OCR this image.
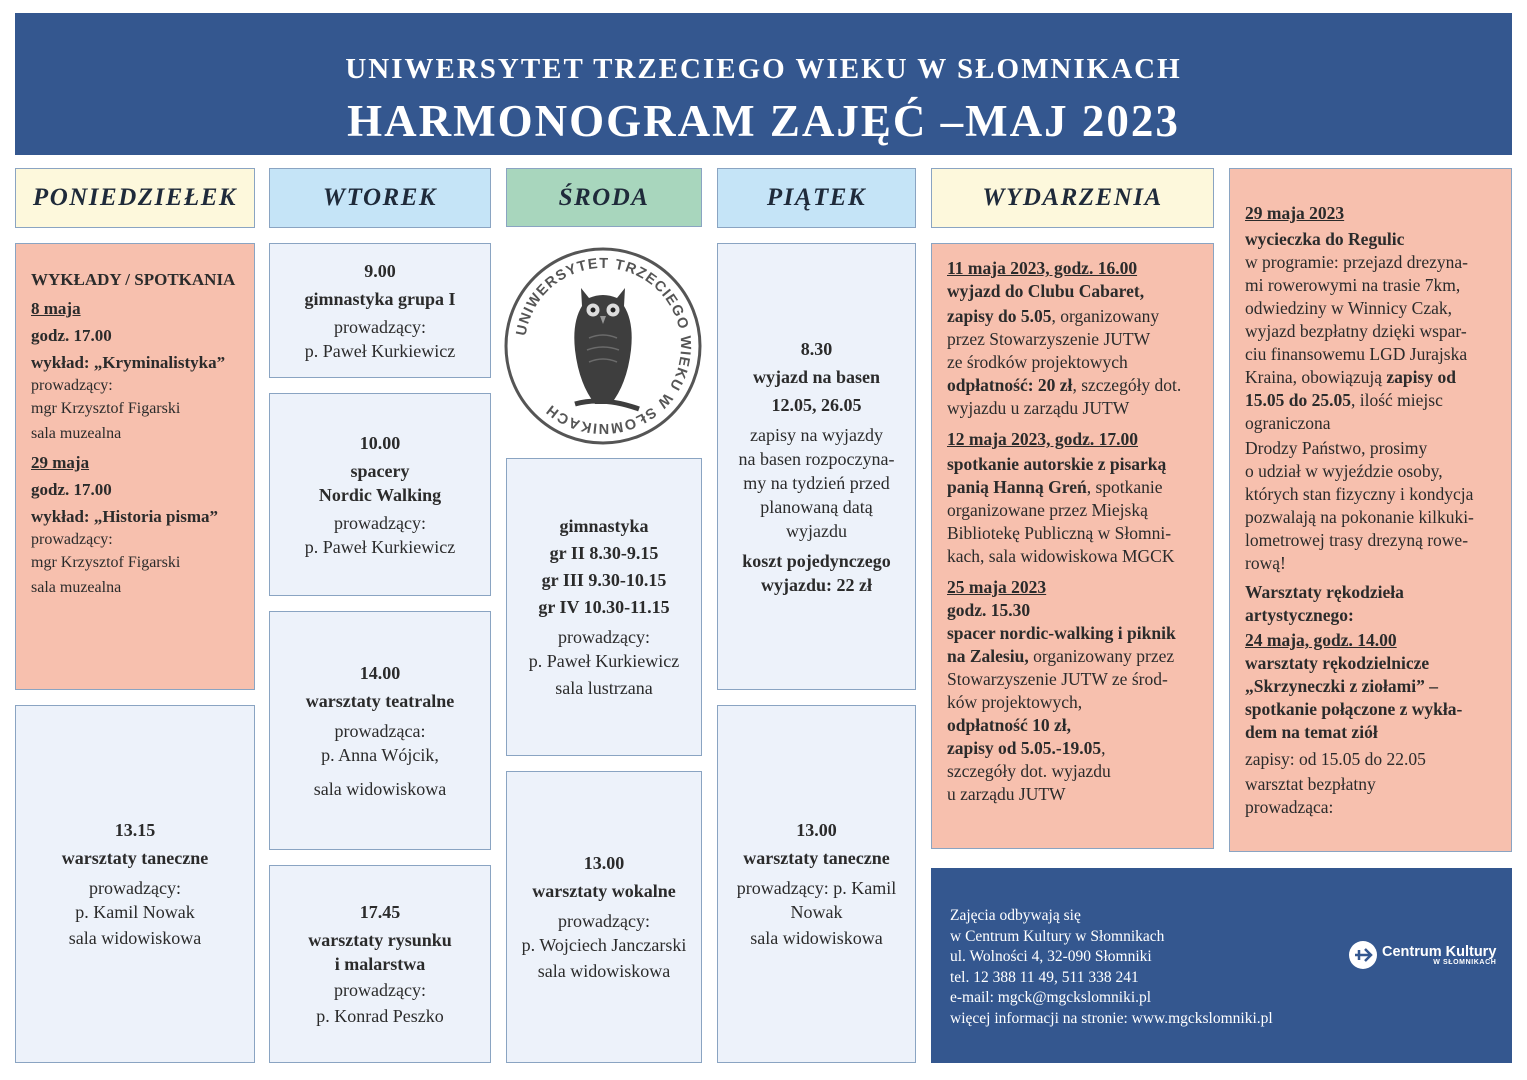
UNIWERSYTET TRZECIEGO WIEKU W SŁOMNIKACH
HARMONOGRAM ZAJĘĆ –MAJ 2023
PONIEDZIEŁEK	WTOREK	ŚRODA	PIĄTEK	WYDARZENIA
WYKŁADY / SPOTKANIA
8 maja
godz. 17.00
wykład: „Kryminalistyka”
prowadzący:
mgr Krzysztof Figarski
sala muzealna
29 maja
godz. 17.00
wykład: „Historia pisma”
prowadzący:
mgr Krzysztof Figarski
sala muzealna
13.15
warsztaty taneczne
prowadzący:
p. Kamil Nowak
sala widowiskowa
9.00
gimnastyka grupa I
prowadzący:
p. Paweł Kurkiewicz
10.00
spacery
Nordic Walking
prowadzący:
p. Paweł Kurkiewicz
14.00
warsztaty teatralne
prowadząca:
p. Anna Wójcik,
sala widowiskowa
17.45
warsztaty rysunku
i malarstwa
prowadzący:
p. Konrad Peszko
UNIWERSYTET TRZECIEGO WIEKU W SŁOMNIKACH
gimnastyka
gr II 8.30-9.15
gr III 9.30-10.15
gr IV 10.30-11.15
prowadzący:
p. Paweł Kurkiewicz
sala lustrzana
13.00
warsztaty wokalne
prowadzący:
p. Wojciech Janczarski
sala widowiskowa
8.30
wyjazd na basen
12.05, 26.05
zapisy na wyjazdy
na basen rozpoczyna-
my na tydzień przed
planowaną datą
wyjazdu
koszt pojedynczego
wyjazdu: 22 zł
13.00
warsztaty taneczne
prowadzący: p. Kamil
Nowak
sala widowiskowa
11 maja 2023, godz. 16.00
wyjazd do Clubu Cabaret,
zapisy do 5.05, organizowany
przez Stowarzyszenie JUTW
ze środków projektowych
odpłatność: 20 zł, szczegóły dot.
wyjazdu u zarządu JUTW
12 maja 2023, godz. 17.00
spotkanie autorskie z pisarką
panią Hanną Greń, spotkanie
organizowane przez Miejską
Bibliotekę Publiczną w Słomni-
kach, sala widowiskowa MGCK
25 maja 2023
godz. 15.30
spacer nordic-walking i piknik
na Zalesiu, organizowany przez
Stowarzyszenie JUTW ze środ-
ków projektowych,
odpłatność 10 zł,
zapisy od 5.05.-19.05,
szczegóły dot. wyjazdu
u zarządu JUTW
29 maja 2023
wycieczka do Regulic
w programie: przejazd drezyna-
mi rowerowymi na trasie 7km,
odwiedziny w Winnicy Czak,
wyjazd bezpłatny dzięki wspar-
ciu finansowemu LGD Jurajska
Kraina, obowiązują zapisy od
15.05 do 25.05, ilość miejsc
ograniczona
Drodzy Państwo, prosimy
o udział w wyjeździe osoby,
których stan fizyczny i kondycja
pozwalają na pokonanie kilkuki-
lometrowej trasy drezyną rowe-
rową!
Warsztaty rękodzieła
artystycznego:
24 maja, godz. 14.00
warsztaty rękodzielnicze
„Skrzyneczki z ziołami” –
spotkanie połączone z wykła-
dem na temat ziół
zapisy: od 15.05 do 22.05
warsztat bezpłatny
prowadząca:
Zajęcia odbywają się
w Centrum Kultury w Słomnikach
ul. Wolności 4, 32-090 Słomniki
tel. 12 388 11 49, 511 338 241
e-mail: mgck@mgckslomniki.pl
więcej informacji na stronie: www.mgckslomniki.pl
Centrum Kultury
W SŁOMNIKACH
